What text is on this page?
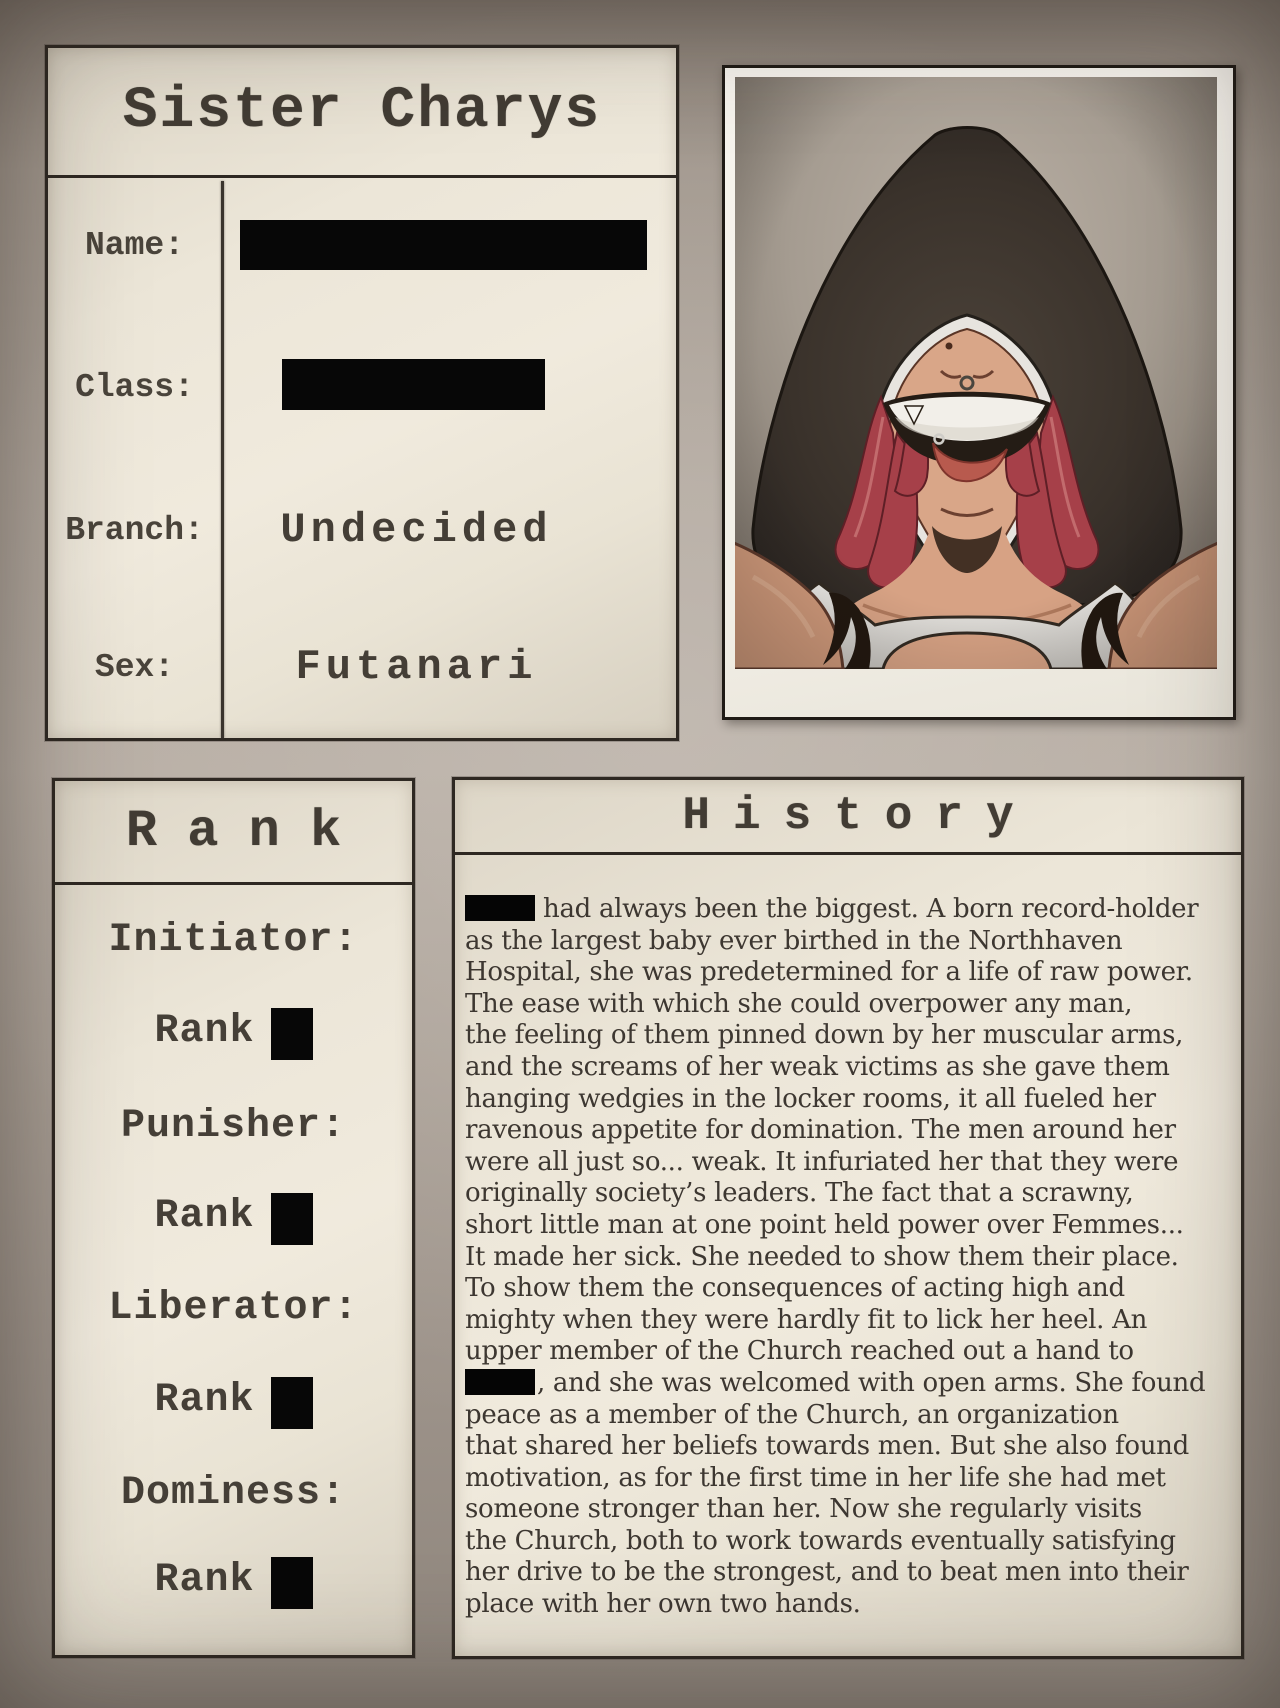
Sister Charys
Name:
Class:
Branch:	Undecided
Sex:	Futanari
Rank
Initiator:
Rank
Punisher:
Rank
Liberator:
Rank
Dominess:
Rank
History
had always been the biggest. A born record-holder
as the largest baby ever birthed in the Northhaven
Hospital, she was predetermined for a life of raw power.
The ease with which she could overpower any man,
the feeling of them pinned down by her muscular arms,
and the screams of her weak victims as she gave them
hanging wedgies in the locker rooms, it all fueled her
ravenous appetite for domination. The men around her
were all just so... weak. It infuriated her that they were
originally society’s leaders. The fact that a scrawny,
short little man at one point held power over Femmes...
It made her sick. She needed to show them their place.
To show them the consequences of acting high and
mighty when they were hardly fit to lick her heel. An
upper member of the Church reached out a hand to
, and she was welcomed with open arms. She found
peace as a member of the Church, an organization
that shared her beliefs towards men. But she also found
motivation, as for the first time in her life she had met
someone stronger than her. Now she regularly visits
the Church, both to work towards eventually satisfying
her drive to be the strongest, and to beat men into their
place with her own two hands.
